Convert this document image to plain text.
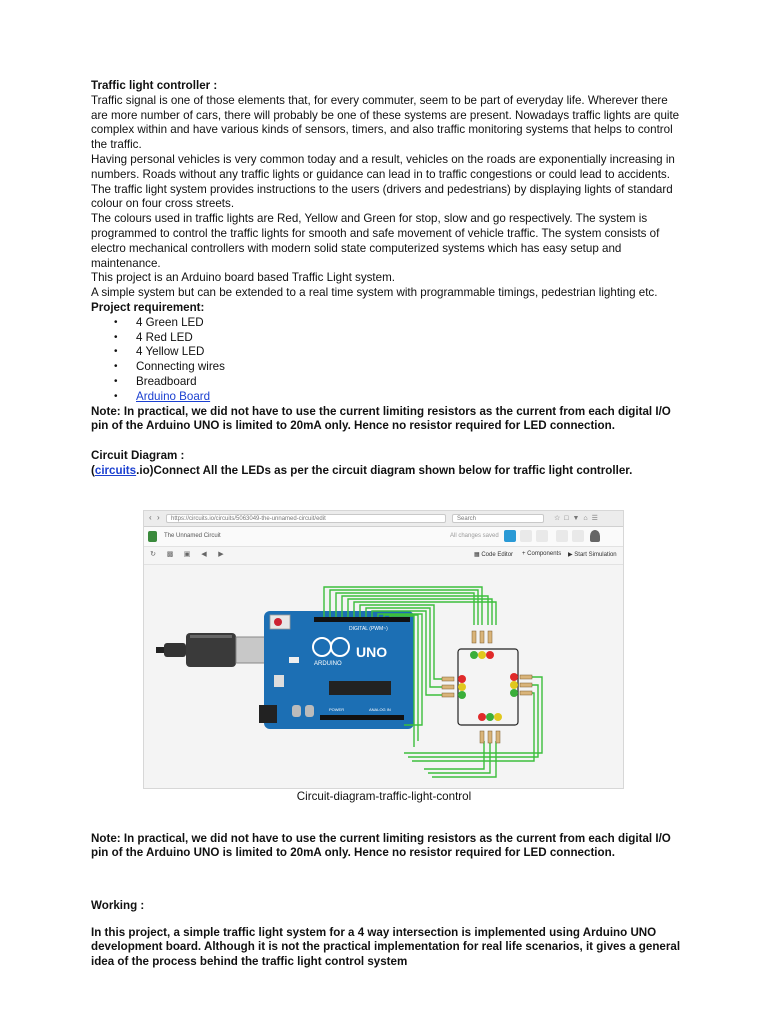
Traffic light controller :

Traffic signal is one of those elements that, for every commuter, seem to be part of everyday life. Wherever there are more number of cars, there will probably be one of these systems are present. Nowadays traffic lights are quite complex within and have various kinds of sensors, timers, and also traffic monitoring systems that helps to control the traffic.

Having personal vehicles is very common today and a result, vehicles on the roads are exponentially increasing in numbers. Roads without any traffic lights or guidance can lead in to traffic congestions or could lead to accidents.

The traffic light system provides instructions to the users (drivers and pedestrians) by displaying lights of standard colour on four cross streets.

The colours used in traffic lights are Red, Yellow and Green for stop, slow and go respectively. The system is programmed to control the traffic lights for smooth and safe movement of vehicle traffic. The system consists of electro mechanical controllers with modern solid state computerized systems which has easy setup and maintenance.

This project is an Arduino board based Traffic Light system.

A simple system but can be extended to a real time system with programmable timings, pedestrian lighting etc.

Project requirement:

• 4 Green LED
• 4 Red LED
• 4 Yellow LED
• Connecting wires
• Breadboard
• Arduino Board

Note: In practical, we did not have to use the current limiting resistors as the current from each digital I/O pin of the Arduino UNO is limited to 20mA only. Hence no resistor required for LED connection.

Circuit Diagram :

(circuits.io)Connect All the LEDs as per the circuit diagram shown below for traffic light controller.

‹ ›	https://circuits.io/circuits/5063049-the-unnamed-circuit/edit	Search	☆□▼⌂☰
The Unnamed Circuit	All changes saved
↻ ▩ ▣ ◀ ▶	▦ Code Editor + Components ▶ Start Simulation
ARDUINO
UNO
DIGITAL (PWM~)
POWER	ANALOG IN
Circuit-diagram-traffic-light-control

Note: In practical, we did not have to use the current limiting resistors as the current from each digital I/O pin of the Arduino UNO is limited to 20mA only. Hence no resistor required for LED connection.

Working :

In this project, a simple traffic light system for a 4 way intersection is implemented using Arduino UNO development board. Although it is not the practical implementation for real life scenarios, it gives a general idea of the process behind the traffic light control system
